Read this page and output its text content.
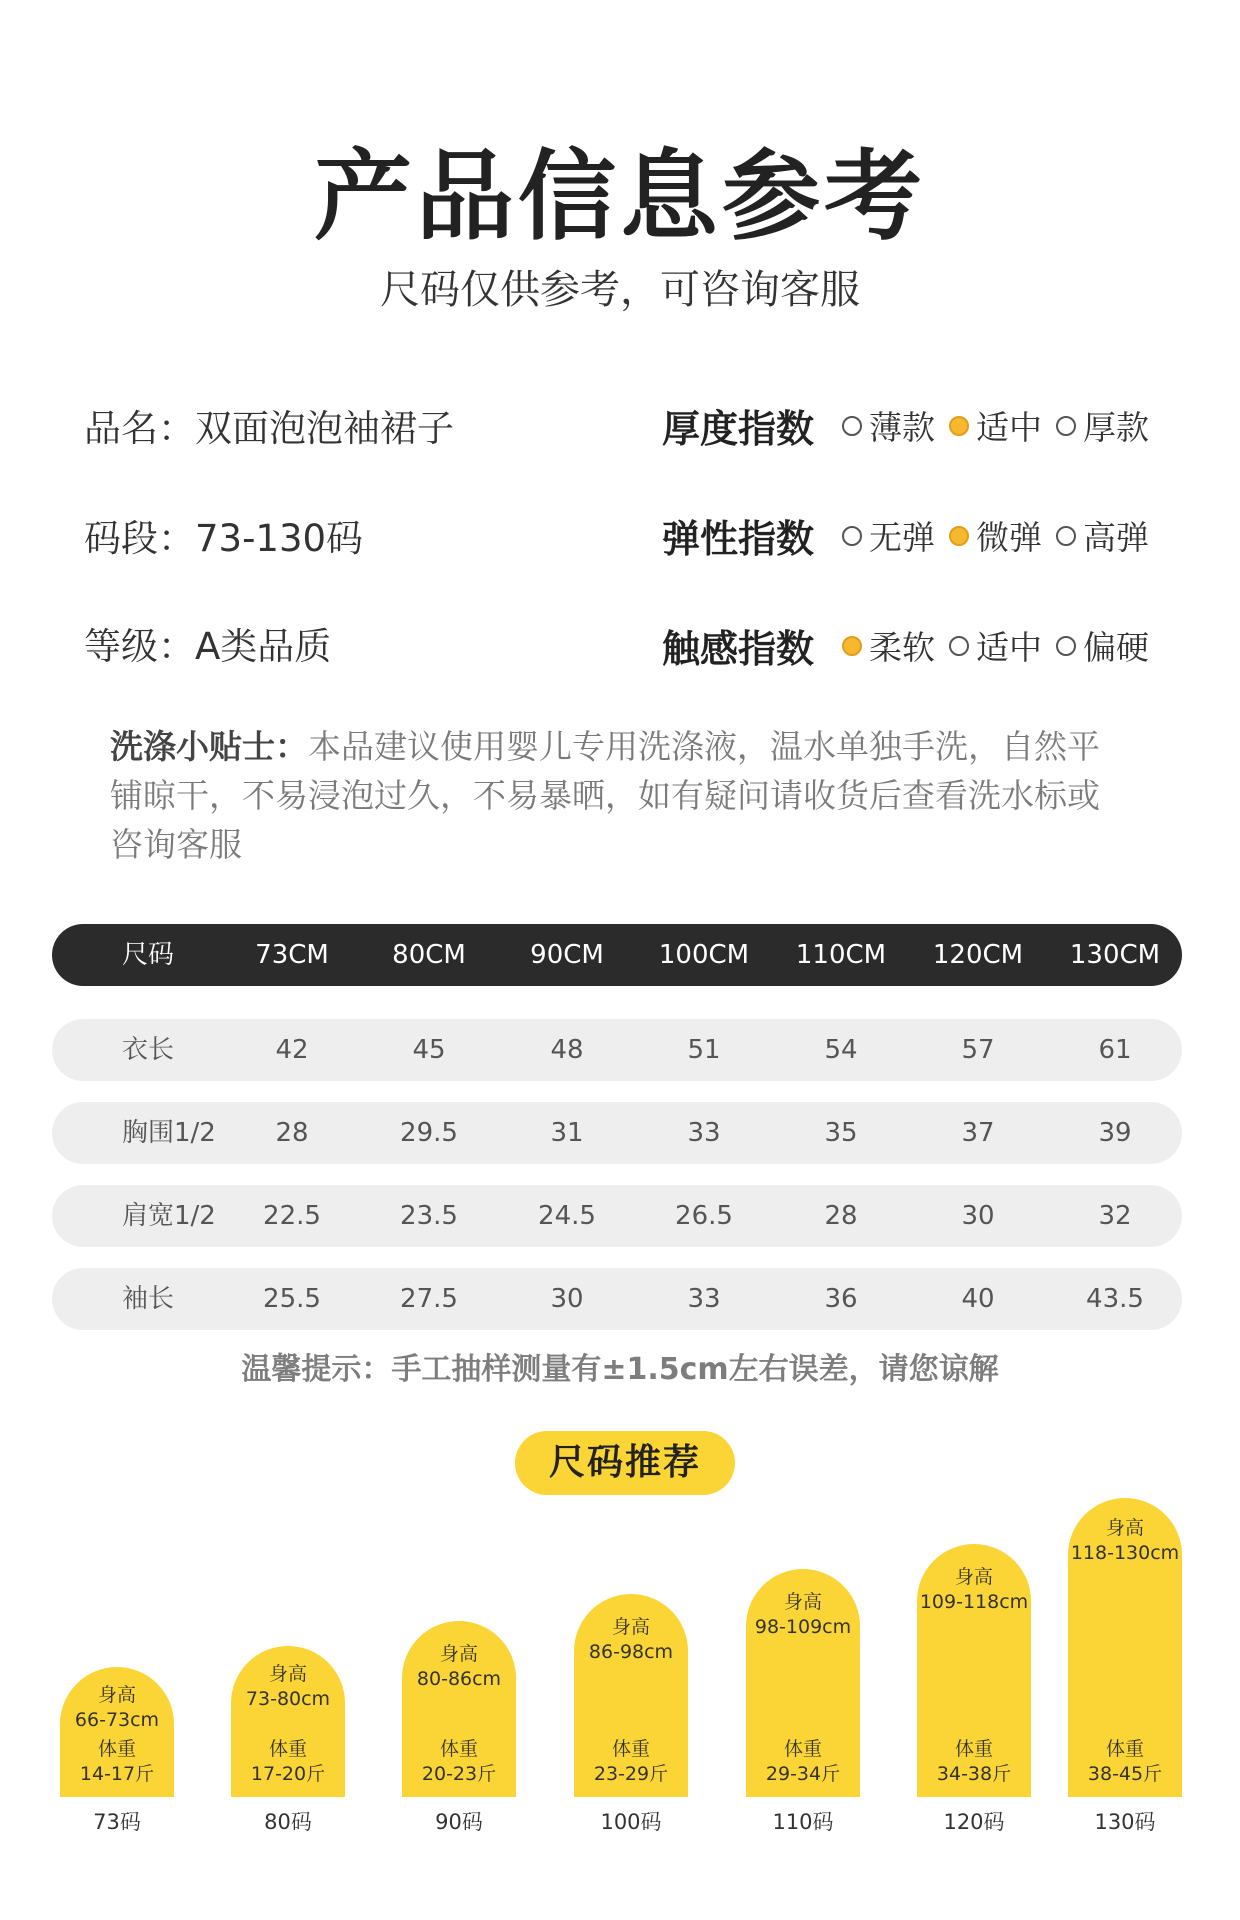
产品信息参考
尺码仅供参考，可咨询客服
品名：双面泡泡袖裙子
码段：73-130码
等级：A类品质
厚度指数	薄款 适中 厚款
弹性指数	无弹 微弹 高弹
触感指数	柔软 适中 偏硬
洗涤小贴士：本品建议使用婴儿专用洗涤液，温水单独手洗，自然平铺晾干，不易浸泡过久，不易暴晒，如有疑问请收货后查看洗水标或咨询客服
尺码	73CM	80CM	90CM	100CM	110CM	120CM	130CM
衣长	42	45	48	51	54	57	61
胸围1/2	28	29.5	31	33	35	37	39
肩宽1/2	22.5	23.5	24.5	26.5	28	30	32
袖长	25.5	27.5	30	33	36	40	43.5
温馨提示：手工抽样测量有±1.5cm左右误差，请您谅解
尺码推荐
身高
66-73cm
体重
14-17斤
73码
身高
73-80cm
体重
17-20斤
80码
身高
80-86cm
体重
20-23斤
90码
身高
86-98cm
体重
23-29斤
100码
身高
98-109cm
体重
29-34斤
110码
身高
109-118cm
体重
34-38斤
120码
身高
118-130cm
体重
38-45斤
130码
